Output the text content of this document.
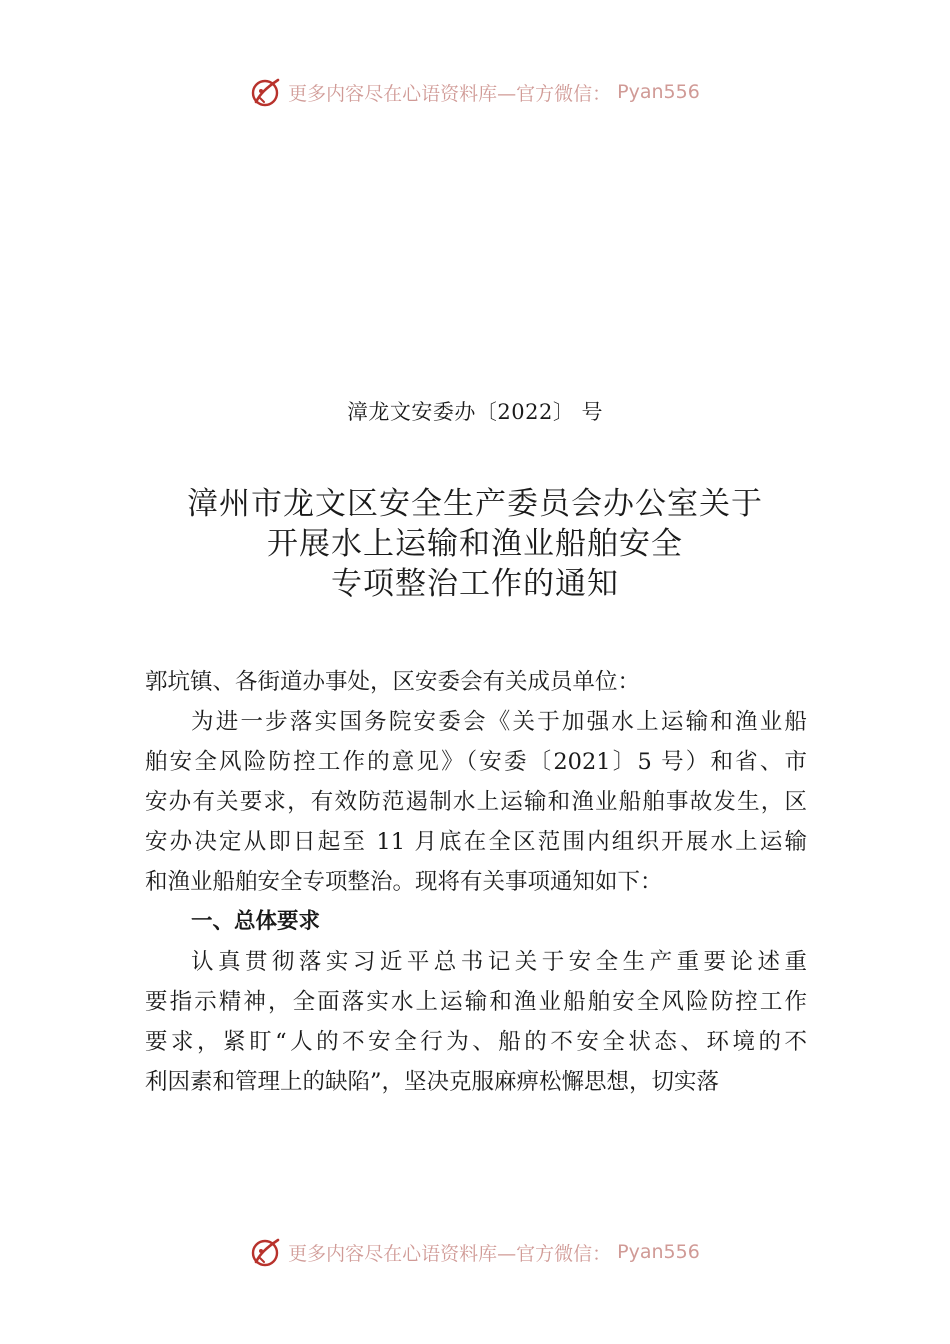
更多内容尽在心语资料库—官方微信： Pyan556
漳龙文安委办〔2022〕 号
漳州市龙文区安全生产委员会办公室关于
开展水上运输和渔业船舶安全
专项整治工作的通知
郭坑镇、各街道办事处，区安委会有关成员单位：
为进一步落实国务院安委会《关于加强水上运输和渔业船
舶安全风险防控工作的意见》（安委〔2021〕5 号）和省、市
安办有关要求，有效防范遏制水上运输和渔业船舶事故发生，区
安办决定从即日起至 11 月底在全区范围内组织开展水上运输
和渔业船舶安全专项整治。现将有关事项通知如下：
一、总体要求
认真贯彻落实习近平总书记关于安全生产重要论述重
要指示精神，全面落实水上运输和渔业船舶安全风险防控工作
要求，紧盯“人的不安全行为、船的不安全状态、环境的不
利因素和管理上的缺陷”，坚决克服麻痹松懈思想，切实落
更多内容尽在心语资料库—官方微信： Pyan556
